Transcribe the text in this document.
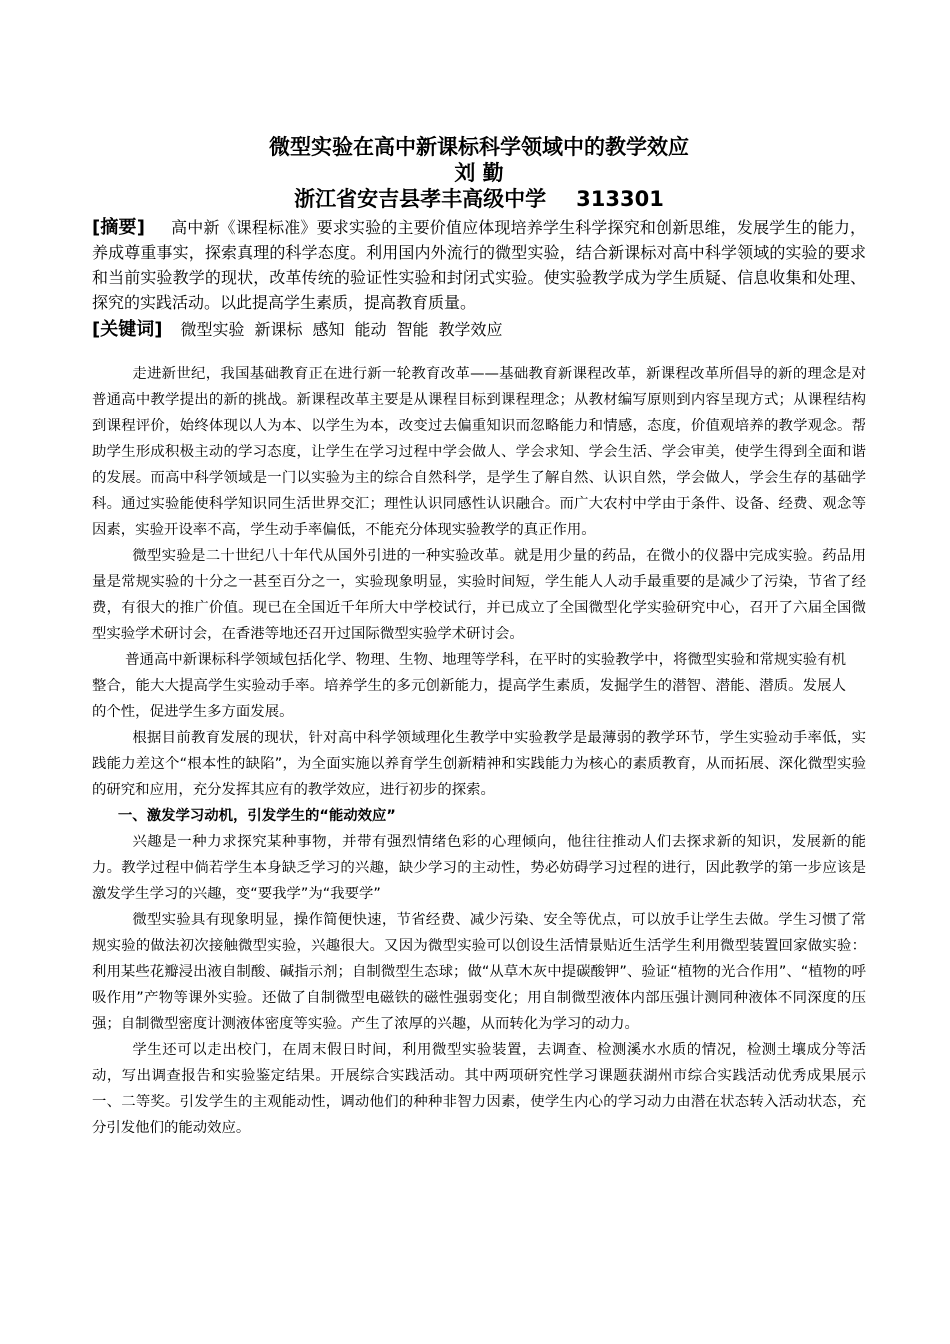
微型实验在高中新课标科学领域中的教学效应
刘 勤
浙江省安吉县孝丰高级中学 313301

[摘要] 高中新《课程标准》要求实验的主要价值应体现培养学生科学探究和创新思维，发展学生的能力，养成尊重事实，探索真理的科学态度。利用国内外流行的微型实验，结合新课标对高中科学领域的实验的要求和当前实验教学的现状，改革传统的验证性实验和封闭式实验。使实验教学成为学生质疑、信息收集和处理、探究的实践活动。以此提高学生素质，提高教育质量。

[关键词] 微型实验 新课标 感知 能动 智能 教学效应

走进新世纪，我国基础教育正在进行新一轮教育改革——基础教育新课程改革，新课程改革所倡导的新的理念是对普通高中教学提出的新的挑战。新课程改革主要是从课程目标到课程理念；从教材编写原则到内容呈现方式；从课程结构到课程评价，始终体现以人为本、以学生为本，改变过去偏重知识而忽略能力和情感，态度，价值观培养的教学观念。帮助学生形成积极主动的学习态度，让学生在学习过程中学会做人、学会求知、学会生活、学会审美，使学生得到全面和谐的发展。而高中科学领域是一门以实验为主的综合自然科学，是学生了解自然、认识自然，学会做人，学会生存的基础学科。通过实验能使科学知识同生活世界交汇；理性认识同感性认识融合。而广大农村中学由于条件、设备、经费、观念等因素，实验开设率不高，学生动手率偏低，不能充分体现实验教学的真正作用。

微型实验是二十世纪八十年代从国外引进的一种实验改革。就是用少量的药品，在微小的仪器中完成实验。药品用量是常规实验的十分之一甚至百分之一，实验现象明显，实验时间短，学生能人人动手最重要的是减少了污染，节省了经费，有很大的推广价值。现已在全国近千年所大中学校试行，并已成立了全国微型化学实验研究中心，召开了六届全国微型实验学术研讨会，在香港等地还召开过国际微型实验学术研讨会。

普通高中新课标科学领域包括化学、物理、生物、地理等学科，在平时的实验教学中，将微型实验和常规实验有机整合，能大大提高学生实验动手率。培养学生的多元创新能力，提高学生素质，发掘学生的潜智、潜能、潜质。发展人的个性，促进学生多方面发展。

根据目前教育发展的现状，针对高中科学领域理化生教学中实验教学是最薄弱的教学环节，学生实验动手率低，实践能力差这个“根本性的缺陷”，为全面实施以养育学生创新精神和实践能力为核心的素质教育，从而拓展、深化微型实验的研究和应用，充分发挥其应有的教学效应，进行初步的探索。

一、激发学习动机，引发学生的“能动效应”

兴趣是一种力求探究某种事物，并带有强烈情绪色彩的心理倾向，他往往推动人们去探求新的知识，发展新的能力。教学过程中倘若学生本身缺乏学习的兴趣，缺少学习的主动性，势必妨碍学习过程的进行，因此教学的第一步应该是激发学生学习的兴趣，变“要我学”为“我要学”

微型实验具有现象明显，操作简便快速，节省经费、减少污染、安全等优点，可以放手让学生去做。学生习惯了常规实验的做法初次接触微型实验，兴趣很大。又因为微型实验可以创设生活情景贴近生活学生利用微型装置回家做实验：利用某些花瓣浸出液自制酸、碱指示剂；自制微型生态球；做“从草木灰中提碳酸钾”、验证“植物的光合作用”、“植物的呼吸作用”产物等课外实验。还做了自制微型电磁铁的磁性强弱变化；用自制微型液体内部压强计测同种液体不同深度的压强；自制微型密度计测液体密度等实验。产生了浓厚的兴趣，从而转化为学习的动力。

学生还可以走出校门，在周末假日时间，利用微型实验装置，去调查、检测溪水水质的情况，检测土壤成分等活动，写出调查报告和实验鉴定结果。开展综合实践活动。其中两项研究性学习课题获湖州市综合实践活动优秀成果展示一、二等奖。引发学生的主观能动性，调动他们的种种非智力因素，使学生内心的学习动力由潜在状态转入活动状态，充分引发他们的能动效应。
